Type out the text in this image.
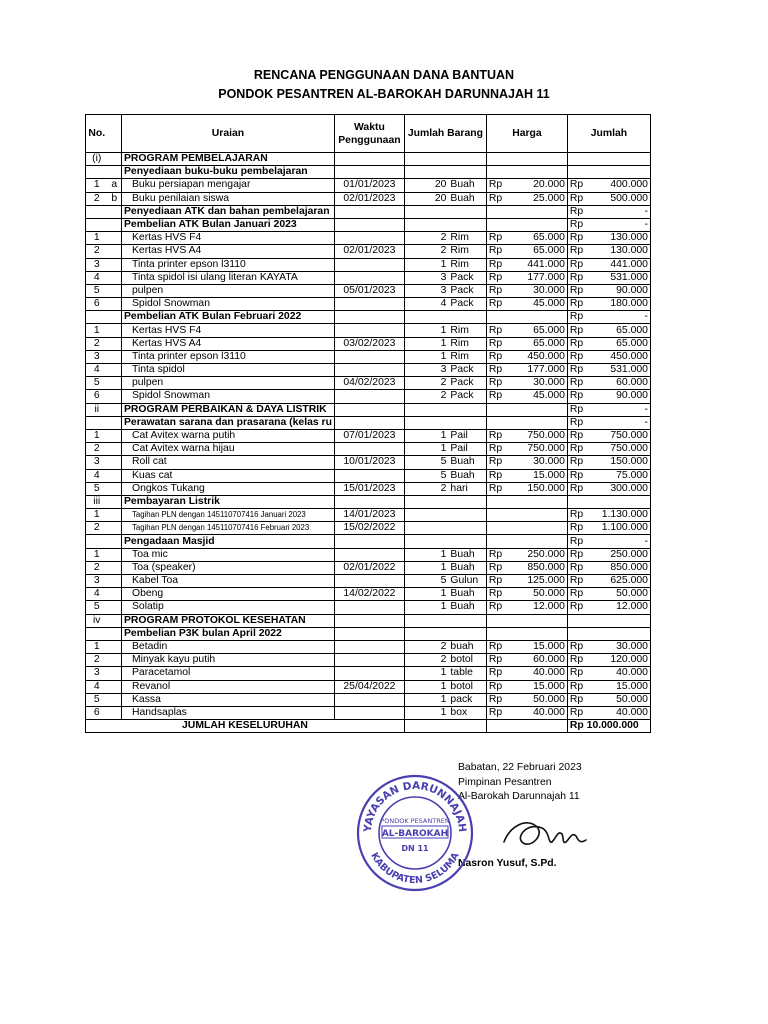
RENCANA PENGGUNAAN DANA BANTUAN
PONDOK PESANTREN AL-BAROKAH DARUNNAJAH 11
No.		Uraian	Waktu
Penggunaan	Jumlah Barang		Harga		Jumlah	
(i)		PROGRAM PEMBELAJARAN							
		Penyediaan buku-buku pembelajaran							
1	a	Buku persiapan mengajar	01/01/2023	20	Buah	Rp	20.000	Rp	400.000
2	b	Buku penilaian siswa	02/01/2023	20	Buah	Rp	25.000	Rp	500.000
		Penyediaan ATK dan bahan pembelajaran						Rp	-
		Pembelian ATK Bulan Januari 2023						Rp	-
1		Kertas HVS F4		2	Rim	Rp	65.000	Rp	130.000
2		Kertas HVS A4	02/01/2023	2	Rim	Rp	65.000	Rp	130.000
3		Tinta printer epson l3110		1	Rim	Rp	441.000	Rp	441.000
4		Tinta spidol isi ulang literan KAYATA		3	Pack	Rp	177.000	Rp	531.000
5		pulpen	05/01/2023	3	Pack	Rp	30.000	Rp	90.000
6		Spidol Snowman		4	Pack	Rp	45.000	Rp	180.000
		Pembelian ATK Bulan Februari 2022						Rp	-
1		Kertas HVS F4		1	Rim	Rp	65.000	Rp	65.000
2		Kertas HVS A4	03/02/2023	1	Rim	Rp	65.000	Rp	65.000
3		Tinta printer epson l3110		1	Rim	Rp	450.000	Rp	450.000
4		Tinta spidol		3	Pack	Rp	177.000	Rp	531.000
5		pulpen	04/02/2023	2	Pack	Rp	30.000	Rp	60.000
6		Spidol Snowman		2	Pack	Rp	45.000	Rp	90.000
ii		PROGRAM PERBAIKAN & DAYA LISTRIK						Rp	-
		Perawatan sarana dan prasarana (kelas ru						Rp	-
1		Cat Avitex warna putih	07/01/2023	1	Pail	Rp	750.000	Rp	750.000
2		Cat Avitex warna hijau		1	Pail	Rp	750.000	Rp	750.000
3		Roll cat	10/01/2023	5	Buah	Rp	30.000	Rp	150.000
4		Kuas cat		5	Buah	Rp	15.000	Rp	75.000
5		Ongkos Tukang	15/01/2023	2	hari	Rp	150.000	Rp	300.000
iii		Pembayaran Listrik							
1		Tagihan PLN dengan 145110707416 Januari 2023	14/01/2023					Rp	1.130.000
2		Tagihan PLN dengan 145110707416 Februari 2023	15/02/2022					Rp	1.100.000
		Pengadaan Masjid						Rp	-
1		Toa mic		1	Buah	Rp	250.000	Rp	250.000
2		Toa (speaker)	02/01/2022	1	Buah	Rp	850.000	Rp	850.000
3		Kabel Toa		5	Gulun	Rp	125.000	Rp	625.000
4		Obeng	14/02/2022	1	Buah	Rp	50.000	Rp	50.000
5		Solatip		1	Buah	Rp	12.000	Rp	12.000
iv		PROGRAM PROTOKOL KESEHATAN							
		Pembelian P3K bulan April 2022							
1		Betadin		2	buah	Rp	15.000	Rp	30.000
2		Minyak kayu putih		2	botol	Rp	60.000	Rp	120.000
3		Paracetamol		1	table	Rp	40.000	Rp	40.000
4		Revanol	25/04/2022	1	botol	Rp	15.000	Rp	15.000
5		Kassa		1	pack	Rp	50.000	Rp	50.000
6		Handsaplas		1	box	Rp	40.000	Rp	40.000
JUMLAH KESELURUHAN								Rp 10.000.000	
Babatan, 22 Februari 2023
Pimpinan Pesantren
Al-Barokah Darunnajah 11
Nasron Yusuf, S.Pd.
YAYASAN DARUNNAJAH
KABUPATEN SELUMA
PONDOK PESANTREN
AL-BAROKAH
DN 11
